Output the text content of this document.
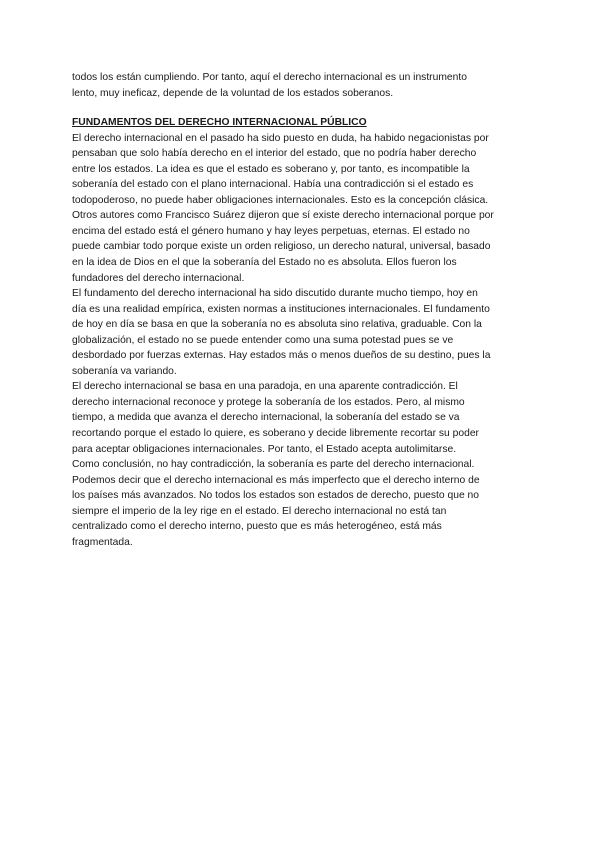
todos los están cumpliendo. Por tanto, aquí el derecho internacional es un instrumento
lento, muy ineficaz, depende de la voluntad de los estados soberanos.
FUNDAMENTOS DEL DERECHO INTERNACIONAL PÚBLICO
El derecho internacional en el pasado ha sido puesto en duda, ha habido negacionistas por
pensaban que solo había derecho en el interior del estado, que no podría haber derecho
entre los estados. La idea es que el estado es soberano y, por tanto, es incompatible la
soberanía del estado con el plano internacional. Había una contradicción si el estado es
todopoderoso, no puede haber obligaciones internacionales. Esto es la concepción clásica.
Otros autores como Francisco Suárez dijeron que sí existe derecho internacional porque por
encima del estado está el género humano y hay leyes perpetuas, eternas. El estado no
puede cambiar todo porque existe un orden religioso, un derecho natural, universal, basado
en la idea de Dios en el que la soberanía del Estado no es absoluta. Ellos fueron los
fundadores del derecho internacional.
El fundamento del derecho internacional ha sido discutido durante mucho tiempo, hoy en
día es una realidad empírica, existen normas a instituciones internacionales. El fundamento
de hoy en día se basa en que la soberanía no es absoluta sino relativa, graduable. Con la
globalización, el estado no se puede entender como una suma potestad pues se ve
desbordado por fuerzas externas. Hay estados más o menos dueños de su destino, pues la
soberanía va variando.
El derecho internacional se basa en una paradoja, en una aparente contradicción. El
derecho internacional reconoce y protege la soberanía de los estados. Pero, al mismo
tiempo, a medida que avanza el derecho internacional, la soberanía del estado se va
recortando porque el estado lo quiere, es soberano y decide libremente recortar su poder
para aceptar obligaciones internacionales. Por tanto, el Estado acepta autolimitarse.
Como conclusión, no hay contradicción, la soberanía es parte del derecho internacional.
Podemos decir que el derecho internacional es más imperfecto que el derecho interno de
los países más avanzados. No todos los estados son estados de derecho, puesto que no
siempre el imperio de la ley rige en el estado. El derecho internacional no está tan
centralizado como el derecho interno, puesto que es más heterogéneo, está más
fragmentada.
